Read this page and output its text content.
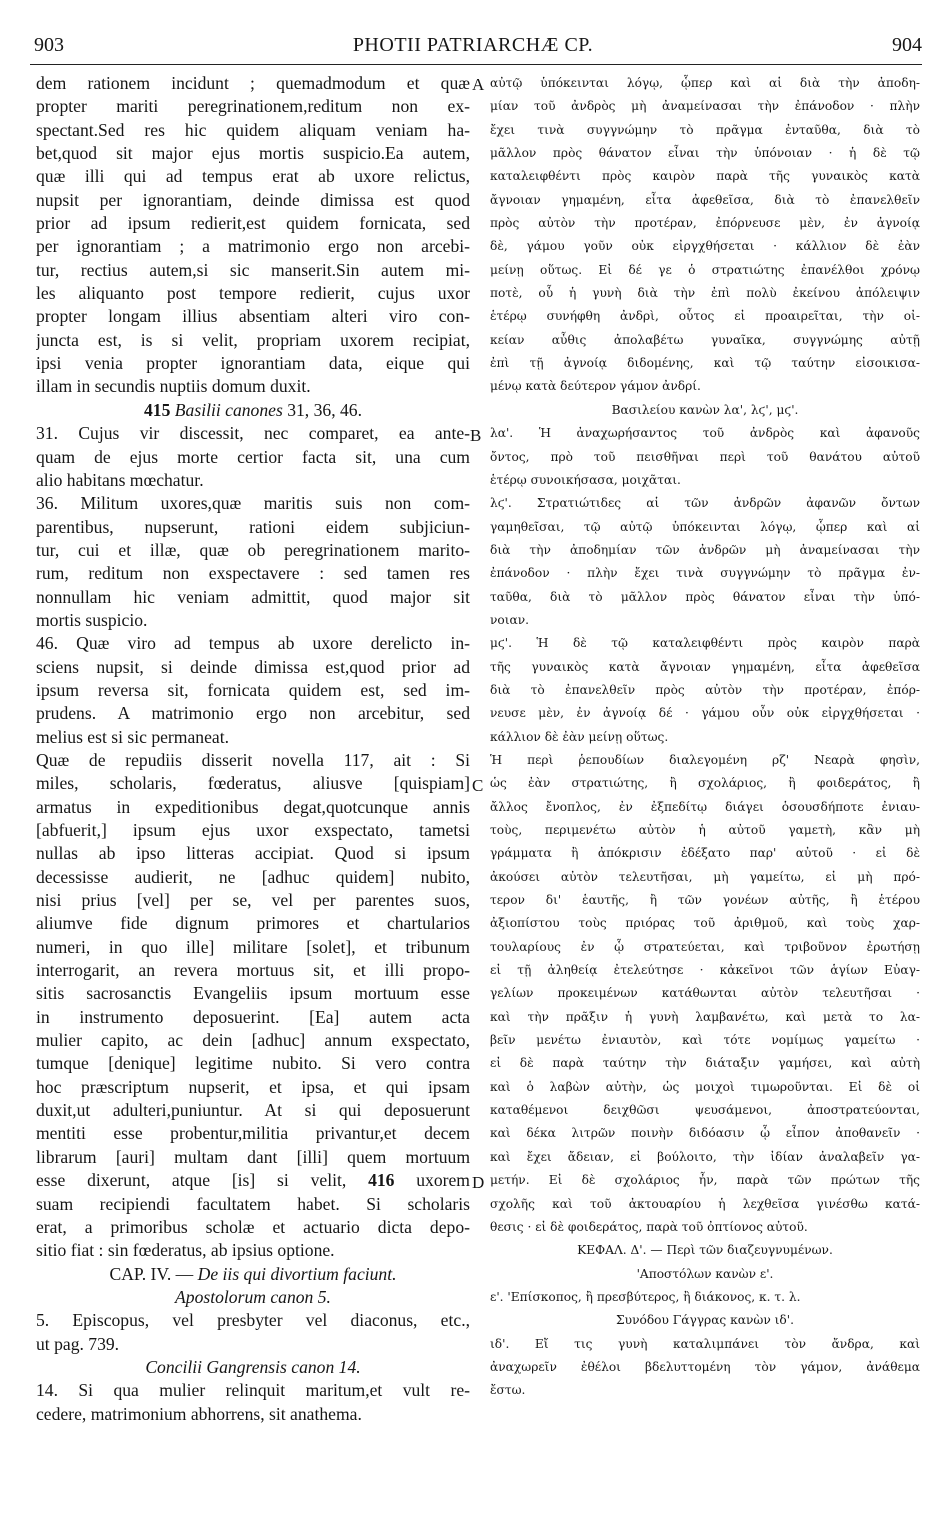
903	PHOTII PATRIARCHÆ CP.	904
A
B
C
D
dem rationem incidunt ; quemadmodum et quæ
propter mariti peregrinationem,reditum non ex-
spectant.Sed res hic quidem aliquam veniam ha-
bet,quod sit major ejus mortis suspicio.Ea autem,
quæ illi qui ad tempus erat ab uxore relictus,
nupsit per ignorantiam, deinde dimissa est quod
prior ad ipsum redierit,est quidem fornicata, sed
per ignorantiam ; a matrimonio ergo non arcebi-
tur, rectius autem,si sic manserit.Sin autem mi-
les aliquanto post tempore redierit, cujus uxor
propter longam illius absentiam alteri viro con-
juncta est, is si velit, propriam uxorem recipiat,
ipsi venia propter ignorantiam data, eique qui
illam in secundis nuptiis domum duxit.
415 Basilii canones 31, 36, 46.
31. Cujus vir discessit, nec comparet, ea ante-
quam de ejus morte certior facta sit, una cum
alio habitans mœchatur.
36. Militum uxores,quæ maritis suis non com-
parentibus, nupserunt, rationi eidem subjiciun-
tur, cui et illæ, quæ ob peregrinationem marito-
rum, reditum non exspectavere : sed tamen res
nonnullam hic veniam admittit, quod major sit
mortis suspicio.
46. Quæ viro ad tempus ab uxore derelicto in-
sciens nupsit, si deinde dimissa est,quod prior ad
ipsum reversa sit, fornicata quidem est, sed im-
prudens. A matrimonio ergo non arcebitur, sed
melius est si sic permaneat.
Quæ de repudiis disserit novella 117, ait : Si
miles, scholaris, fœderatus, aliusve [quispiam]
armatus in expeditionibus degat,quotcunque annis
[abfuerit,] ipsum ejus uxor exspectato, tametsi
nullas ab ipso litteras accipiat. Quod si ipsum
decessisse audierit, ne [adhuc quidem] nubito,
nisi prius [vel] per se, vel per parentes suos,
aliumve fide dignum primores et chartularios
numeri, in quo ille] militare [solet], et tribunum
interrogarit, an revera mortuus sit, et illi propo-
sitis sacrosanctis Evangeliis ipsum mortuum esse
in instrumento deposuerint. [Ea] autem acta
mulier capito, ac dein [adhuc] annum exspectato,
tumque [denique] legitime nubito. Si vero contra
hoc præscriptum nupserit, et ipsa, et qui ipsam
duxit,ut adulteri,puniuntur. At si qui deposuerunt
mentiti esse probentur,militia privantur,et decem
librarum [auri] multam dant [illi] quem mortuum
esse dixerunt, atque [is] si velit, 416 uxorem
suam recipiendi facultatem habet. Si scholaris
erat, a primoribus scholæ et actuario dicta depo-
sitio fiat : sin fœderatus, ab ipsius optione.
CAP. IV. — De iis qui divortium faciunt.
Apostolorum canon 5.
5. Episcopus, vel presbyter vel diaconus, etc.,
ut pag. 739.
Concilii Gangrensis canon 14.
14. Si qua mulier relinquit maritum,et vult re-
cedere, matrimonium abhorrens, sit anathema.
αὐτῷ ὑπόκεινται λόγῳ, ᾧπερ καὶ αἱ διὰ τὴν ἀποδη-
μίαν τοῦ ἀνδρὸς μὴ ἀναμείνασαι τὴν ἐπάνοδον · πλὴν
ἔχει τινὰ συγγνώμην τὸ πρᾶγμα ἐνταῦθα, διὰ τὸ
μᾶλλον πρὸς θάνατον εἶναι τὴν ὑπόνοιαν · ἡ δὲ τῷ
καταλειφθέντι πρὸς καιρὸν παρὰ τῆς γυναικὸς κατὰ
ἄγνοιαν γημαμένη, εἶτα ἀφεθεῖσα, διὰ τὸ ἐπανελθεῖν
πρὸς αὐτὸν τὴν προτέραν, ἐπόρνευσε μὲν, ἐν ἀγνοίᾳ
δὲ, γάμου γοῦν οὐκ εἰργχθήσεται · κάλλιον δὲ ἐὰν
μείνῃ οὕτως. Εἰ δέ γε ὁ στρατιώτης ἐπανέλθοι χρόνῳ
ποτὲ, οὗ ἡ γυνὴ διὰ τὴν ἐπὶ πολὺ ἐκείνου ἀπόλειψιν
ἑτέρῳ συνήφθη ἀνδρὶ, οὗτος εἰ προαιρεῖται, τὴν οἰ-
κείαν αὖθις ἀπολαβέτω γυναῖκα, συγγνώμης αὐτῇ
ἐπὶ τῇ ἀγνοίᾳ διδομένης, καὶ τῷ ταύτην εἰσοικισα-
μένῳ κατὰ δεύτερον γάμον ἀνδρί.
Βασιλείου κανὼν λα', λϛ', μϛ'.
λα'. Ἡ ἀναχωρήσαντος τοῦ ἀνδρὸς καὶ ἀφανοῦς
ὄντος, πρὸ τοῦ πεισθῆναι περὶ τοῦ θανάτου αὐτοῦ
ἑτέρῳ συνοικήσασα, μοιχᾶται.
λϛ'. Στρατιώτιδες αἱ τῶν ἀνδρῶν ἀφανῶν ὄντων
γαμηθεῖσαι, τῷ αὐτῷ ὑπόκεινται λόγῳ, ᾧπερ καὶ αἱ
διὰ τὴν ἀποδημίαν τῶν ἀνδρῶν μὴ ἀναμείνασαι τὴν
ἐπάνοδον · πλὴν ἔχει τινὰ συγγνώμην τὸ πρᾶγμα ἐν-
ταῦθα, διὰ τὸ μᾶλλον πρὸς θάνατον εἶναι τὴν ὑπό-
νοιαν.
μϛ'. Ἡ δὲ τῷ καταλειφθέντι πρὸς καιρὸν παρὰ
τῆς γυναικὸς κατὰ ἄγνοιαν γημαμένη, εἶτα ἀφεθεῖσα
διὰ τὸ ἐπανελθεῖν πρὸς αὐτὸν τὴν προτέραν, ἐπόρ-
νευσε μὲν, ἐν ἀγνοίᾳ δέ · γάμου οὖν οὐκ εἰργχθήσεται ·
κάλλιον δὲ ἐὰν μείνῃ οὕτως.
Ἡ περὶ ῥεπουδίων διαλεγομένη ρζ' Νεαρὰ φησὶν,
ὡς ἐὰν στρατιώτης, ἢ σχολάριος, ἢ φοιδεράτος, ἢ
ἄλλος ἔνοπλος, ἐν ἐξπεδίτῳ διάγει ὁσουσδήποτε ἐνιαυ-
τοὺς, περιμενέτω αὐτὸν ἡ αὐτοῦ γαμετὴ, κἂν μὴ
γράμματα ἢ ἀπόκρισιν ἐδέξατο παρ' αὐτοῦ · εἰ δὲ
ἀκούσει αὐτὸν τελευτῆσαι, μὴ γαμείτω, εἰ μὴ πρό-
τερον δι' ἑαυτῆς, ἢ τῶν γονέων αὐτῆς, ἢ ἑτέρου
ἀξιοπίστου τοὺς πριόρας τοῦ ἀριθμοῦ, καὶ τοὺς χαρ-
τουλαρίους ἐν ᾧ στρατεύεται, καὶ τριβοῦνον ἐρωτήσῃ
εἰ τῇ ἀληθείᾳ ἐτελεύτησε · κἀκεῖνοι τῶν ἁγίων Εὐαγ-
γελίων προκειμένων κατάθωνται αὐτὸν τελευτῆσαι ·
καὶ τὴν πρᾶξιν ἡ γυνὴ λαμβανέτω, καὶ μετὰ το λα-
βεῖν μενέτω ἐνιαυτὸν, καὶ τότε νομίμως γαμείτω ·
εἰ δὲ παρὰ ταύτην τὴν διάταξιν γαμήσει, καὶ αὐτὴ
καὶ ὁ λαβὼν αὐτὴν, ὡς μοιχοὶ τιμωροῦνται. Εἰ δὲ οἱ
καταθέμενοι δειχθῶσι ψευσάμενοι, ἀποστρατεύονται,
καὶ δέκα λιτρῶν ποινὴν διδόασιν ᾧ εἶπον ἀποθανεῖν ·
καὶ ἔχει ἄδειαν, εἰ βούλοιτο, τὴν ἰδίαν ἀναλαβεῖν γα-
μετήν. Εἰ δὲ σχολάριος ἦν, παρὰ τῶν πρώτων τῆς
σχολῆς καὶ τοῦ ἀκτουαρίου ἡ λεχθεῖσα γινέσθω κατά-
θεσις · εἰ δὲ φοιδεράτος, παρὰ τοῦ ὀπτίονος αὐτοῦ.
ΚΕΦΑΛ. Δ'. — Περὶ τῶν διαζευγνυμένων.
'Αποστόλων κανὼν ε'.
ε'. 'Επίσκοπος, ἢ πρεσβύτερος, ἢ διάκονος, κ. τ. λ.
Συνόδου Γάγγρας κανὼν ιδ'.
ιδ'. Εἴ τις γυνὴ καταλιμπάνει τὸν ἄνδρα, καὶ
ἀναχωρεῖν ἐθέλοι βδελυττομένη τὸν γάμον, ἀνάθεμα
ἔστω.
